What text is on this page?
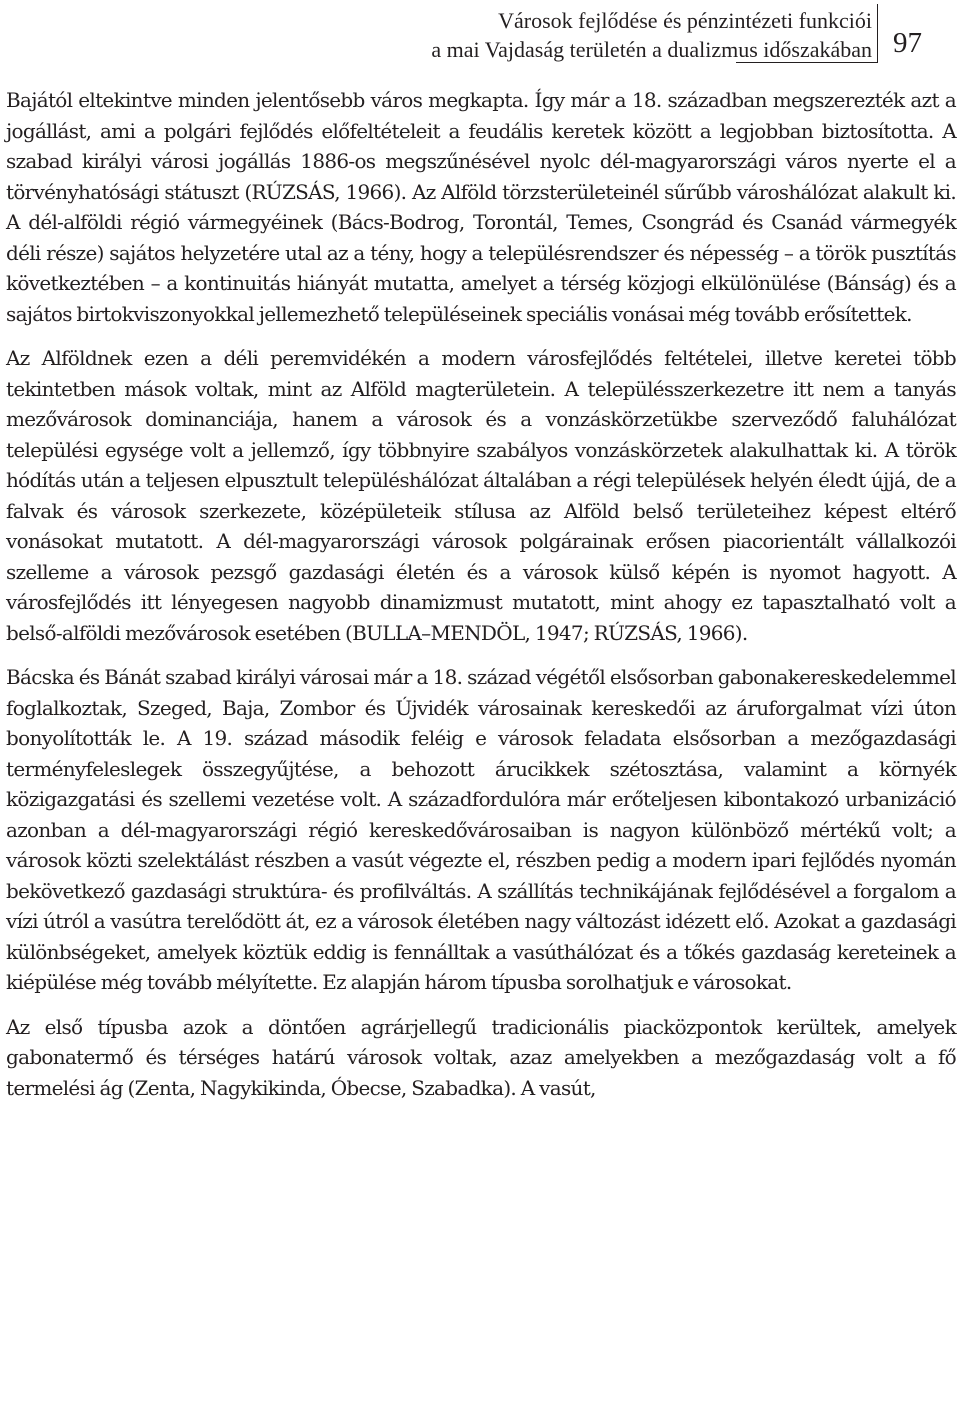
Városok fejlődése és pénzintézeti funkciói
a mai Vajdaság területén a dualizmus időszakában 97

Bajától eltekintve minden jelentősebb város megkapta. Így már a 18. században megszerezték azt a jogállást, ami a polgári fejlődés előfeltételeit a feudális keretek között a legjobban biztosította. A szabad királyi városi jogállás 1886-os megszűnésével nyolc dél-magyarországi város nyerte el a törvényhatósági státuszt (RÚZSÁS, 1966). Az Alföld törzsterületeinél sűrűbb városhálózat alakult ki. A dél-alföldi régió vármegyéinek (Bács-Bodrog, Torontál, Temes, Csongrád és Csanád vármegyék déli része) sajátos helyzetére utal az a tény, hogy a településrendszer és népesség – a török pusztítás következtében – a kontinuitás hiányát mutatta, amelyet a térség közjogi elkülönülése (Bánság) és a sajátos birtokviszonyokkal jellemezhető településeinek speciális vonásai még tovább erősítettek.

Az Alföldnek ezen a déli peremvidékén a modern városfejlődés feltételei, illetve keretei több tekintetben mások voltak, mint az Alföld magterületein. A településszerkezetre itt nem a tanyás mezővárosok dominanciája, hanem a városok és a vonzáskörzetükbe szerveződő faluhálózat települési egysége volt a jellemző, így többnyire szabályos vonzáskörzetek alakulhattak ki. A török hódítás után a teljesen elpusztult településhálózat általában a régi települések helyén éledt újjá, de a falvak és városok szerkezete, középületeik stílusa az Alföld belső területeihez képest eltérő vonásokat mutatott. A dél-magyarországi városok polgárainak erősen piacorientált vállalkozói szelleme a városok pezsgő gazdasági életén és a városok külső képén is nyomot hagyott. A városfejlődés itt lényegesen nagyobb dinamizmust mutatott, mint ahogy ez tapasztalható volt a belső-alföldi mezővárosok esetében (BULLA–MENDÖL, 1947; RÚZSÁS, 1966).

Bácska és Bánát szabad királyi városai már a 18. század végétől elsősorban gabonakereskedelemmel foglalkoztak, Szeged, Baja, Zombor és Újvidék városainak kereskedői az áruforgalmat vízi úton bonyolították le. A 19. század második feléig e városok feladata elsősorban a mezőgazdasági terményfeleslegek összegyűjtése, a behozott árucikkek szétosztása, valamint a környék közigazgatási és szellemi vezetése volt. A századfordulóra már erőteljesen kibontakozó urbanizáció azonban a dél-magyarországi régió kereskedővárosaiban is nagyon különböző mértékű volt; a városok közti szelektálást részben a vasút végezte el, részben pedig a modern ipari fejlődés nyomán bekövetkező gazdasági struktúra- és profilváltás. A szállítás technikájának fejlődésével a forgalom a vízi útról a vasútra terelődött át, ez a városok életében nagy változást idézett elő. Azokat a gazdasági különbségeket, amelyek köztük eddig is fennálltak a vasúthálózat és a tőkés gazdaság kereteinek a kiépülése még tovább mélyítette. Ez alapján három típusba sorolhatjuk e városokat.

Az első típusba azok a döntően agrárjellegű tradicionális piacközpontok kerültek, amelyek gabonatermő és térséges határú városok voltak, azaz amelyekben a mezőgazdaság volt a fő termelési ág (Zenta, Nagykikinda, Óbecse, Szabadka). A vasút,
